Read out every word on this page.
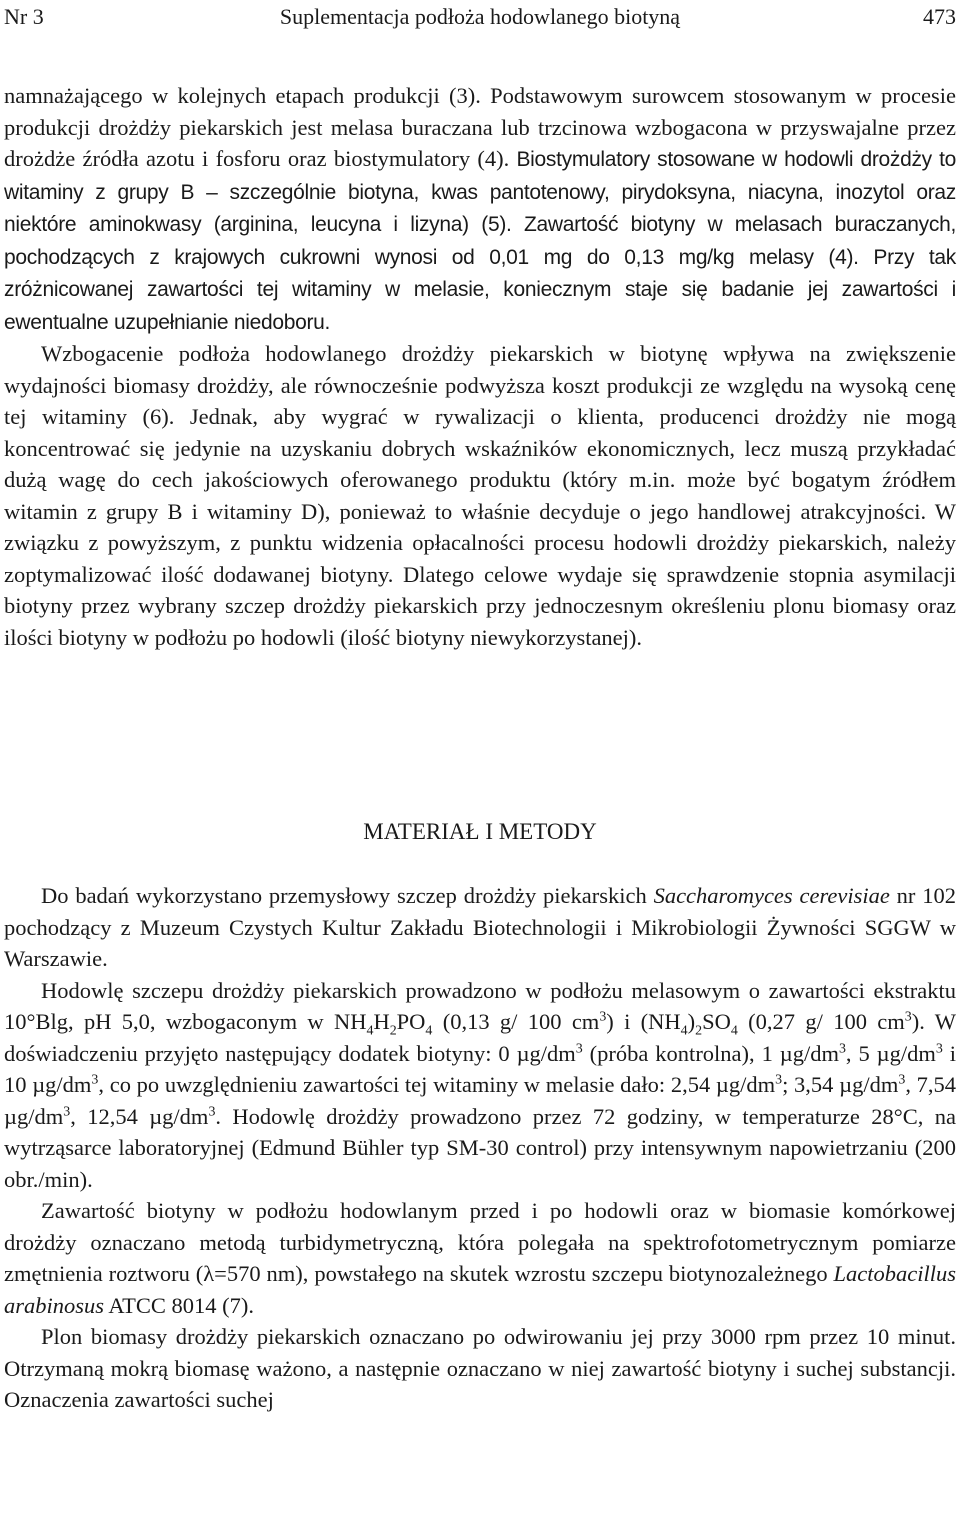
Nr 3	Suplementacja podłoża hodowlanego biotyną	473

namnażającego w kolejnych etapach produkcji (3). Podstawowym surowcem stosowanym w procesie produkcji drożdży piekarskich jest melasa buraczana lub trzcinowa wzbogacona w przyswajalne przez drożdże źródła azotu i fosforu oraz biostymulatory (4). Biostymulatory stosowane w hodowli drożdży to witaminy z grupy B – szczególnie biotyna, kwas pantotenowy, pirydoksyna, niacyna, inozytol oraz niektóre aminokwasy (arginina, leucyna i lizyna) (5). Zawartość biotyny w melasach buraczanych, pochodzących z krajowych cukrowni wynosi od 0,01 mg do 0,13 mg/kg melasy (4). Przy tak zróżnicowanej zawartości tej witaminy w melasie, koniecznym staje się badanie jej zawartości i ewentualne uzupełnianie niedoboru.

Wzbogacenie podłoża hodowlanego drożdży piekarskich w biotynę wpływa na zwiększenie wydajności biomasy drożdży, ale równocześnie podwyższa koszt produkcji ze względu na wysoką cenę tej witaminy (6). Jednak, aby wygrać w rywalizacji o klienta, producenci drożdży nie mogą koncentrować się jedynie na uzyskaniu dobrych wskaźników ekonomicznych, lecz muszą przykładać dużą wagę do cech jakościowych oferowanego produktu (który m.in. może być bogatym źródłem witamin z grupy B i witaminy D), ponieważ to właśnie decyduje o jego handlowej atrakcyjności. W związku z powyższym, z punktu widzenia opłacalności procesu hodowli drożdży piekarskich, należy zoptymalizować ilość dodawanej biotyny. Dlatego celowe wydaje się sprawdzenie stopnia asymilacji biotyny przez wybrany szczep drożdży piekarskich przy jednoczesnym określeniu plonu biomasy oraz ilości biotyny w podłożu po hodowli (ilość biotyny niewykorzystanej).

MATERIAŁ I METODY

Do badań wykorzystano przemysłowy szczep drożdży piekarskich Saccharomyces cerevisiae nr 102 pochodzący z Muzeum Czystych Kultur Zakładu Biotechnologii i Mikrobiologii Żywności SGGW w Warszawie.

Hodowlę szczepu drożdży piekarskich prowadzono w podłożu melasowym o zawartości ekstraktu 10°Blg, pH 5,0, wzbogaconym w $NH_4H_2PO_4$ (0,13 g/ 100 $cm^3$) i $(NH_4)_2SO_4$ (0,27 g/ 100 $cm^3$). W doświadczeniu przyjęto następujący dodatek biotyny: 0 $\mu g/dm^3$ (próba kontrolna), 1 $\mu g/dm^3$, 5 $\mu g/dm^3$ i 10 $\mu g/dm^3$, co po uwzględnieniu zawartości tej witaminy w melasie dało: 2,54 $\mu g/dm^3$; 3,54 $\mu g/dm^3$, 7,54 $\mu g/dm^3$, 12,54 $\mu g/dm^3$. Hodowlę drożdży prowadzono przez 72 godziny, w temperaturze 28°C, na wytrząsarce laboratoryjnej (Edmund Bühler typ SM-30 control) przy intensywnym napowietrzaniu (200 obr./min).

Zawartość biotyny w podłożu hodowlanym przed i po hodowli oraz w biomasie komórkowej drożdży oznaczano metodą turbidymetryczną, która polegała na spektrofotometrycznym pomiarze zmętnienia roztworu (λ=570 nm), powstałego na skutek wzrostu szczepu biotynozależnego Lactobacillus arabinosus ATCC 8014 (7).

Plon biomasy drożdży piekarskich oznaczano po odwirowaniu jej przy 3000 rpm przez 10 minut. Otrzymaną mokrą biomasę ważono, a następnie oznaczano w niej zawartość biotyny i suchej substancji. Oznaczenia zawartości suchej
